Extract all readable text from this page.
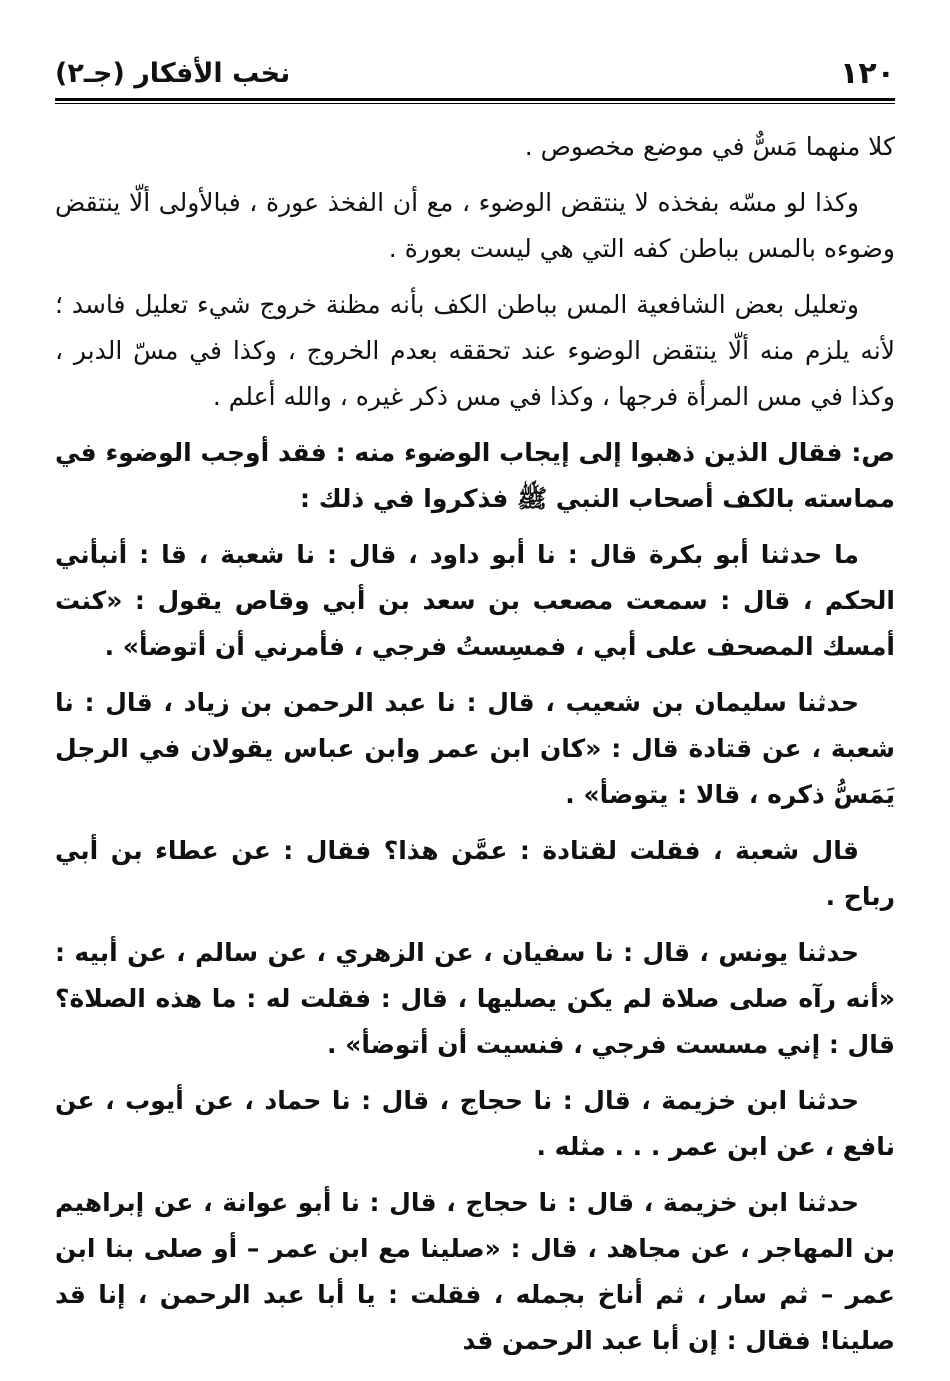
١٢٠
نخب الأفكار (جـ٢)

كلا منهما مَسٌّ في موضع مخصوص .

وكذا لو مسّه بفخذه لا ينتقض الوضوء ، مع أن الفخذ عورة ، فبالأولى ألّا ينتقض وضوءه بالمس بباطن كفه التي هي ليست بعورة .

وتعليل بعض الشافعية المس بباطن الكف بأنه مظنة خروج شيء تعليل فاسد ؛ لأنه يلزم منه ألّا ينتقض الوضوء عند تحققه بعدم الخروج ، وكذا في مسّ الدبر ، وكذا في مس المرأة فرجها ، وكذا في مس ذكر غيره ، والله أعلم .

ص: فقال الذين ذهبوا إلى إيجاب الوضوء منه : فقد أوجب الوضوء في مماسته بالكف أصحاب النبي ﷺ فذكروا في ذلك :

ما حدثنا أبو بكرة قال : نا أبو داود ، قال : نا شعبة ، قا : أنبأني الحكم ، قال : سمعت مصعب بن سعد بن أبي وقاص يقول : «كنت أمسك المصحف على أبي ، فمسِستُ فرجي ، فأمرني أن أتوضأ» .

حدثنا سليمان بن شعيب ، قال : نا عبد الرحمن بن زياد ، قال : نا شعبة ، عن قتادة قال : «كان ابن عمر وابن عباس يقولان في الرجل يَمَسُّ ذكره ، قالا : يتوضأ» .

قال شعبة ، فقلت لقتادة : عمَّن هذا؟ فقال : عن عطاء بن أبي رباح .

حدثنا يونس ، قال : نا سفيان ، عن الزهري ، عن سالم ، عن أبيه : «أنه رآه صلى صلاة لم يكن يصليها ، قال : فقلت له : ما هذه الصلاة؟ قال : إني مسست فرجي ، فنسيت أن أتوضأ» .

حدثنا ابن خزيمة ، قال : نا حجاج ، قال : نا حماد ، عن أيوب ، عن نافع ، عن ابن عمر . . . مثله .

حدثنا ابن خزيمة ، قال : نا حجاج ، قال : نا أبو عوانة ، عن إبراهيم بن المهاجر ، عن مجاهد ، قال : «صلينا مع ابن عمر – أو صلى بنا ابن عمر – ثم سار ، ثم أناخ بجمله ، فقلت : يا أبا عبد الرحمن ، إنا قد صلينا! فقال : إن أبا عبد الرحمن قد
